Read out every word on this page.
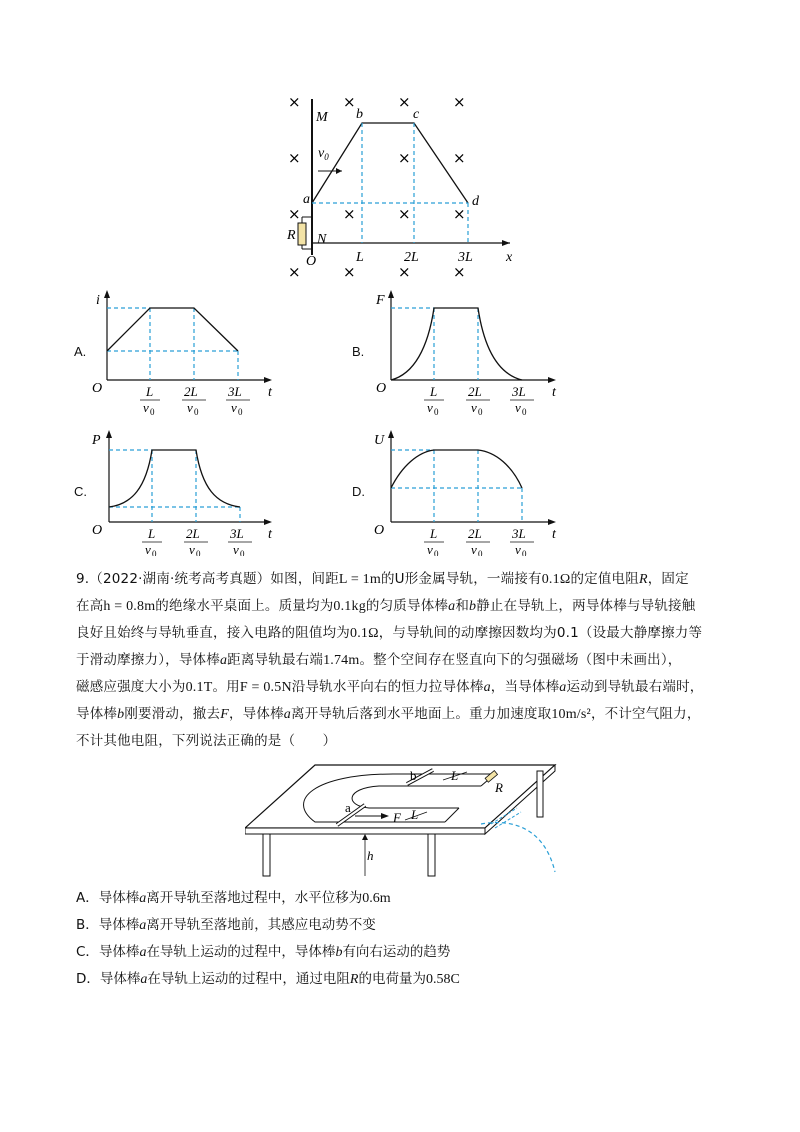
×	×	×	×
×	×	×
×	×	×	×
×	×	×	×
M
$v_0$
a
R N
O
b	c
d
L	2L	3L x
A.
i
O	t
L
v 0
2L
v 0
3L
v 0
B.
F
O	t
L
v 0
2L
v 0
3L
v 0
C.
P
O	t
L
v 0
2L
v 0
3L
v 0
D.
U
O	t
L
v 0
2L
v 0
3L
v 0

9.（2022·湖南·统考高考真题）如图，间距L = 1m的U形金属导轨，一端接有0.1Ω的定值电阻R，固定

在高h = 0.8m的绝缘水平桌面上。质量均为0.1kg的匀质导体棒a和b静止在导轨上，两导体棒与导轨接触

良好且始终与导轨垂直，接入电路的阻值均为0.1Ω，与导轨间的动摩擦因数均为0.1（设最大静摩擦力等

于滑动摩擦力），导体棒a距离导轨最右端1.74m。整个空间存在竖直向下的匀强磁场（图中未画出），

磁感应强度大小为0.1T。用F = 0.5N沿导轨水平向右的恒力拉导体棒a，当导体棒a运动到导轨最右端时，

导体棒b刚要滑动，撤去F，导体棒a离开导轨后落到水平地面上。重力加速度取10m/s²，不计空气阻力，

不计其他电阻，下列说法正确的是（　　）

b
a
L
L
R
F
h
A．导体棒a离开导轨至落地过程中，水平位移为0.6m
B．导体棒a离开导轨至落地前，其感应电动势不变
C．导体棒a在导轨上运动的过程中，导体棒b有向右运动的趋势
D．导体棒a在导轨上运动的过程中，通过电阻R的电荷量为0.58C
